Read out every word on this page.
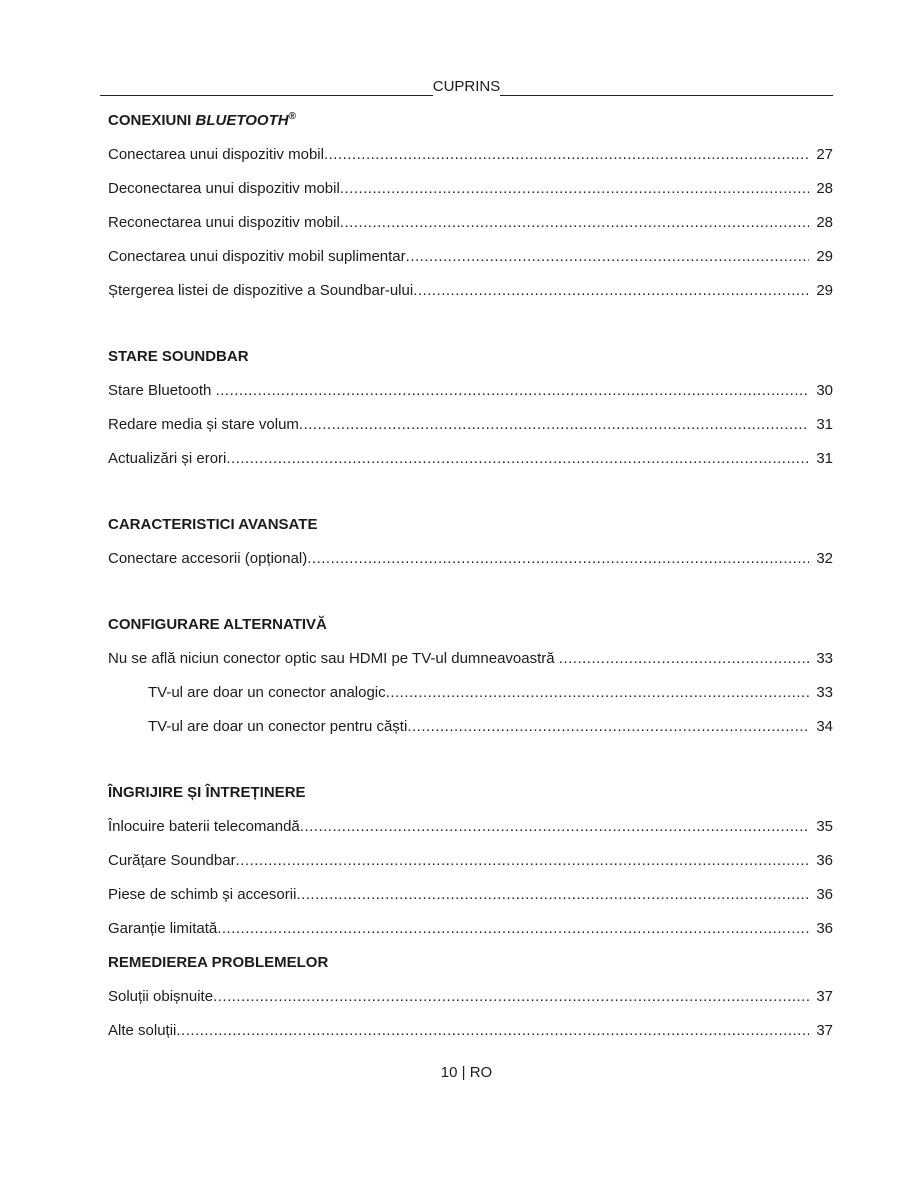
CUPRINS
CONEXIUNI BLUETOOTH®
Conectarea unui dispozitiv mobil .....	27
Deconectarea unui dispozitiv mobil .....	28
Reconectarea unui dispozitiv mobil .....	28
Conectarea unui dispozitiv mobil suplimentar .....	29
Ștergerea listei de dispozitive a Soundbar-ului .....	29
STARE SOUNDBAR
Stare Bluetooth .....	30
Redare media și stare volum .....	31
Actualizări și erori .....	31
CARACTERISTICI AVANSATE
Conectare accesorii (opțional) .....	32
CONFIGURARE ALTERNATIVĂ
Nu se află niciun conector optic sau HDMI pe TV-ul dumneavoastră .....	33
TV-ul are doar un conector analogic .....	33
TV-ul are doar un conector pentru căști .....	34
ÎNGRIJIRE ȘI ÎNTREȚINERE
Înlocuire baterii telecomandă .....	35
Curățare Soundbar .....	36
Piese de schimb și accesorii .....	36
Garanție limitată .....	36
REMEDIEREA PROBLEMELOR
Soluții obișnuite .....	37
Alte soluții .....	37
10 | RO
